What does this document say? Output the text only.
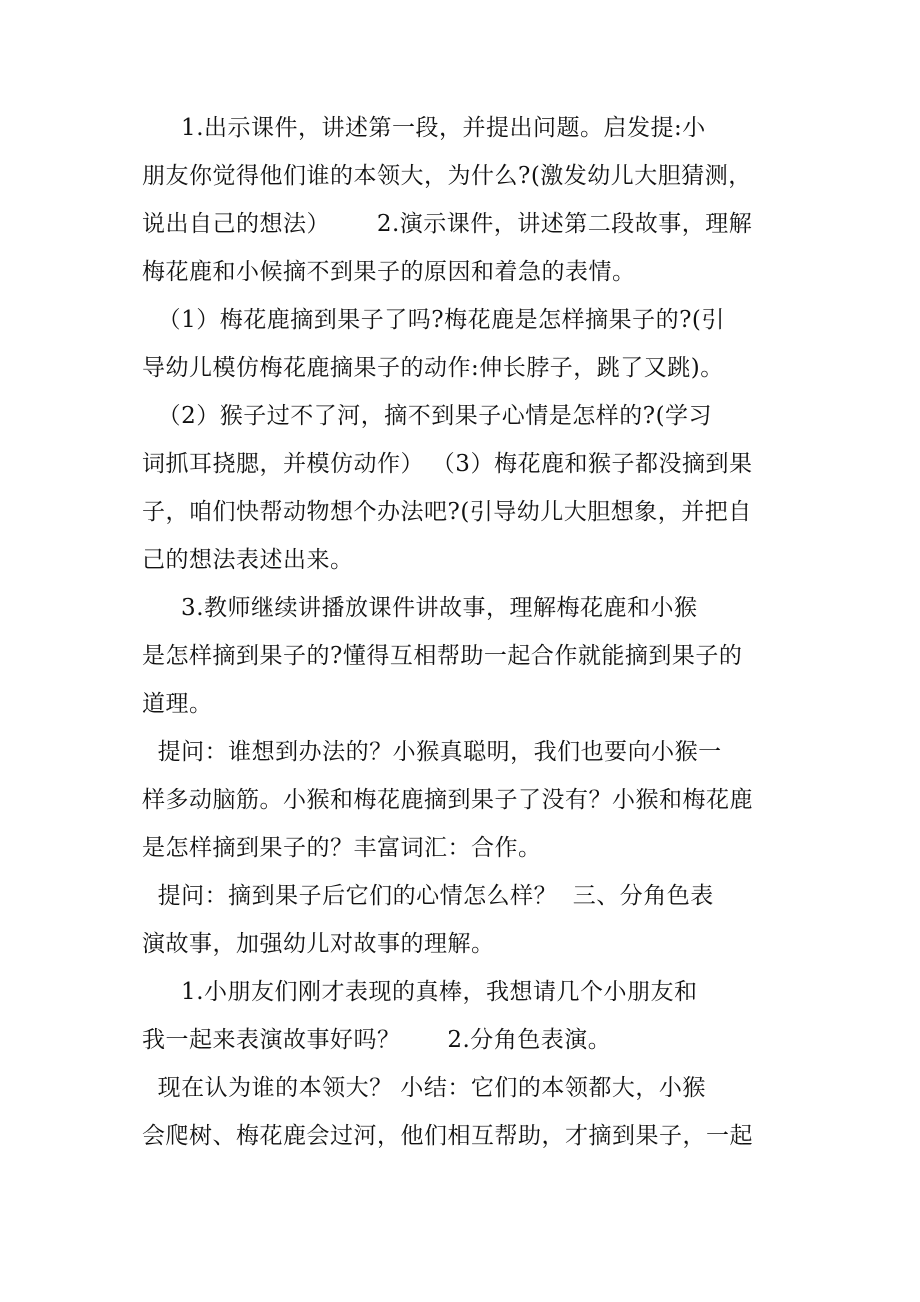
1.出示课件，讲述第一段，并提出问题。启发提:小
朋友你觉得他们谁的本领大，为什么?(激发幼儿大胆猜测，
说出自己的想法）      2.演示课件，讲述第二段故事，理解
梅花鹿和小候摘不到果子的原因和着急的表情。
（1）梅花鹿摘到果子了吗?梅花鹿是怎样摘果子的?(引
导幼儿模仿梅花鹿摘果子的动作:伸长脖子，跳了又跳)。
（2）猴子过不了河，摘不到果子心情是怎样的?(学习
词抓耳挠腮，并模仿动作） （3）梅花鹿和猴子都没摘到果
子，咱们快帮动物想个办法吧?(引导幼儿大胆想象，并把自
己的想法表述出来。
3.教师继续讲播放课件讲故事，理解梅花鹿和小猴
是怎样摘到果子的?懂得互相帮助一起合作就能摘到果子的
道理。
提问：谁想到办法的？小猴真聪明，我们也要向小猴一
样多动脑筋。小猴和梅花鹿摘到果子了没有？小猴和梅花鹿
是怎样摘到果子的？丰富词汇：合作。
提问：摘到果子后它们的心情怎么样？  三、分角色表
演故事，加强幼儿对故事的理解。
1.小朋友们刚才表现的真棒，我想请几个小朋友和
我一起来表演故事好吗？      2.分角色表演。
现在认为谁的本领大？ 小结：它们的本领都大，小猴
会爬树、梅花鹿会过河，他们相互帮助，才摘到果子，一起
